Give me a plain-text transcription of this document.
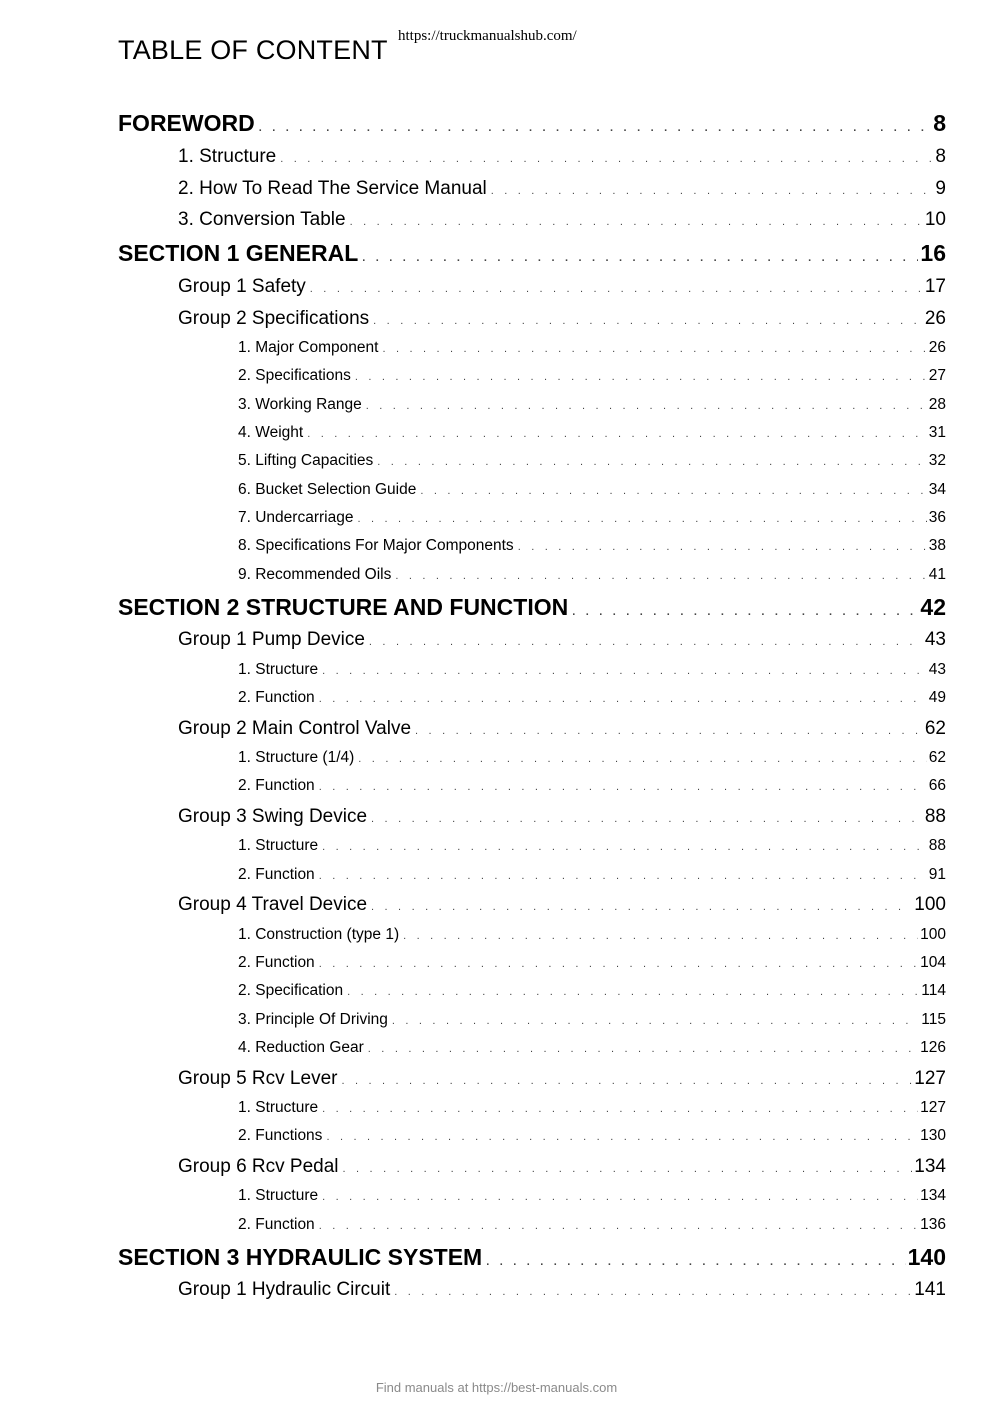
TABLE OF CONTENT https://truckmanualshub.com/
FOREWORD . . .	8
1. Structure . . .	8
2. How To Read The Service Manual . . .	9
3. Conversion Table . . .	10
SECTION 1 GENERAL . . .	16
Group 1 Safety . . .	17
Group 2 Specifications . . .	26
1. Major Component . . .	26
2. Specifications . . .	27
3. Working Range . . .	28
4. Weight . . .	31
5. Lifting Capacities . . .	32
6. Bucket Selection Guide . . .	34
7. Undercarriage . . .	36
8. Specifications For Major Components . . .	38
9. Recommended Oils . . .	41
SECTION 2 STRUCTURE AND FUNCTION . . .	42
Group 1 Pump Device . . .	43
1. Structure . . .	43
2. Function . . .	49
Group 2 Main Control Valve . . .	62
1. Structure (1/4) . . .	62
2. Function . . .	66
Group 3 Swing Device . . .	88
1. Structure . . .	88
2. Function . . .	91
Group 4 Travel Device . . .	100
1. Construction (type 1) . . .	100
2. Function . . .	104
2. Specification . . .	114
3. Principle Of Driving . . .	115
4. Reduction Gear . . .	126
Group 5 Rcv Lever . . .	127
1. Structure . . .	127
2. Functions . . .	130
Group 6 Rcv Pedal . . .	134
1. Structure . . .	134
2. Function . . .	136
SECTION 3 HYDRAULIC SYSTEM . . .	140
Group 1 Hydraulic Circuit . . .	141
Find manuals at https://best-manuals.com
